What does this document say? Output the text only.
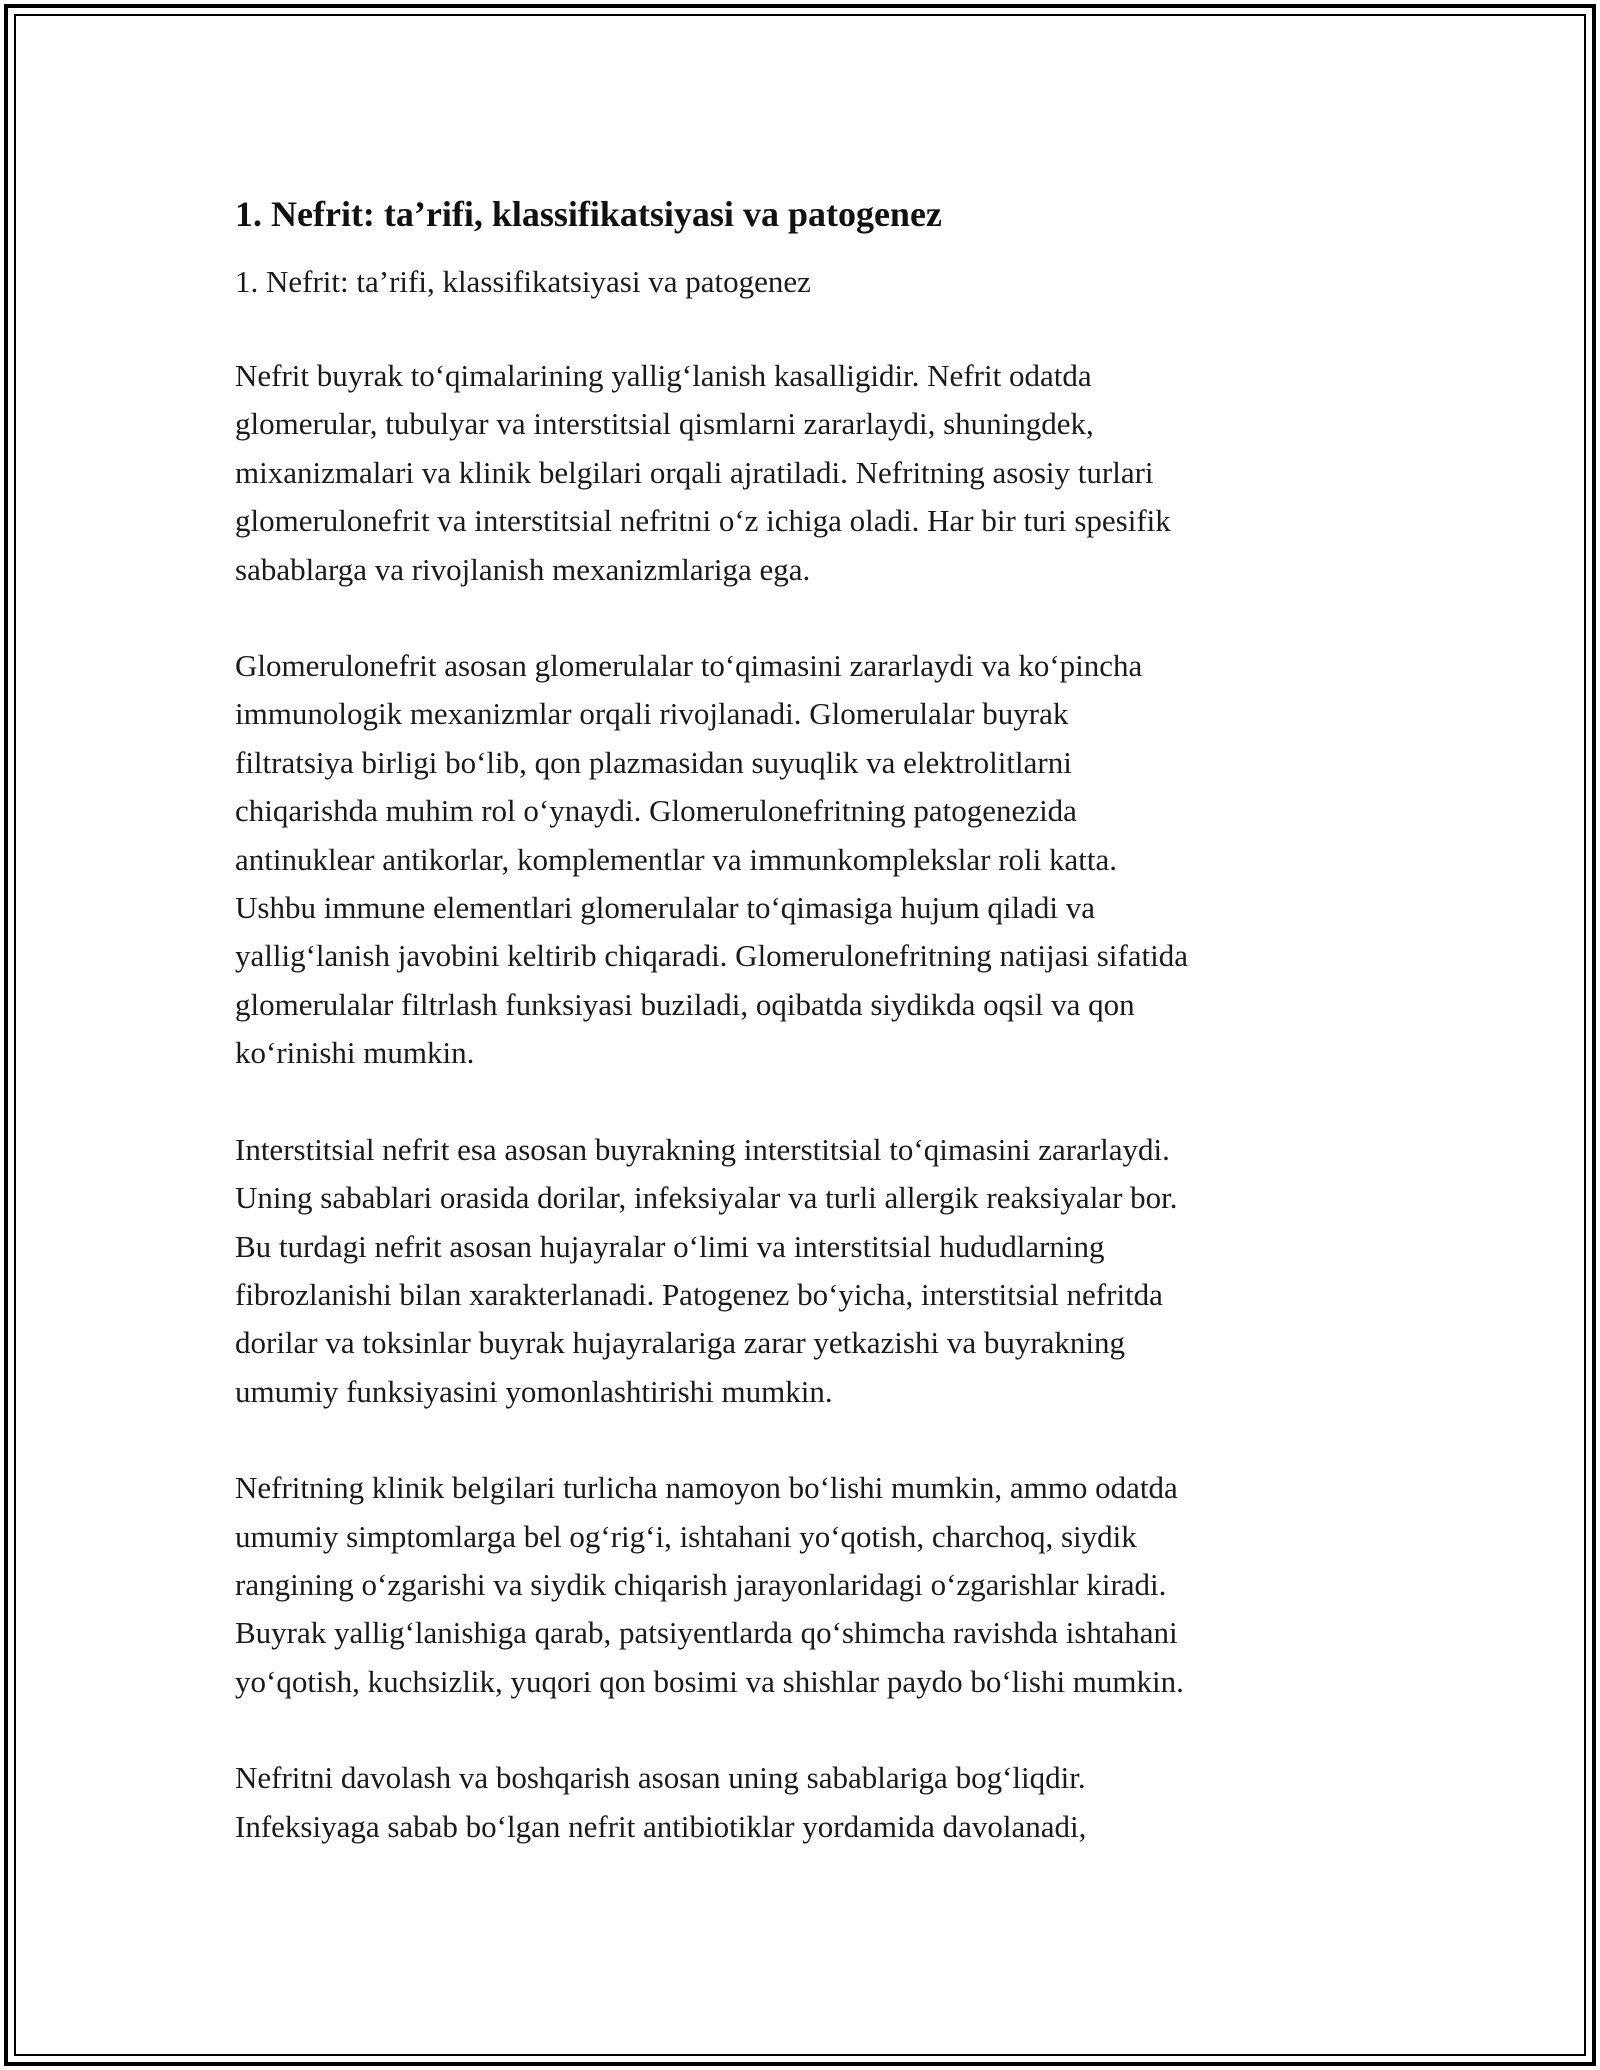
1. Nefrit: ta’rifi, klassifikatsiyasi va patogenez

1. Nefrit: ta’rifi, klassifikatsiyasi va patogenez

Nefrit buyrak to‘qimalarining yallig‘lanish kasalligidir. Nefrit odatda
glomerular, tubulyar va interstitsial qismlarni zararlaydi, shuningdek,
mixanizmalari va klinik belgilari orqali ajratiladi. Nefritning asosiy turlari
glomerulonefrit va interstitsial nefritni o‘z ichiga oladi. Har bir turi spesifik
sabablarga va rivojlanish mexanizmlariga ega.

Glomerulonefrit asosan glomerulalar to‘qimasini zararlaydi va ko‘pincha
immunologik mexanizmlar orqali rivojlanadi. Glomerulalar buyrak
filtratsiya birligi bo‘lib, qon plazmasidan suyuqlik va elektrolitlarni
chiqarishda muhim rol o‘ynaydi. Glomerulonefritning patogenezida
antinuklear antikorlar, komplementlar va immunkomplekslar roli katta.
Ushbu immune elementlari glomerulalar to‘qimasiga hujum qiladi va
yallig‘lanish javobini keltirib chiqaradi. Glomerulonefritning natijasi sifatida
glomerulalar filtrlash funksiyasi buziladi, oqibatda siydikda oqsil va qon
ko‘rinishi mumkin.

Interstitsial nefrit esa asosan buyrakning interstitsial to‘qimasini zararlaydi.
Uning sabablari orasida dorilar, infeksiyalar va turli allergik reaksiyalar bor.
Bu turdagi nefrit asosan hujayralar o‘limi va interstitsial hududlarning
fibrozlanishi bilan xarakterlanadi. Patogenez bo‘yicha, interstitsial nefritda
dorilar va toksinlar buyrak hujayralariga zarar yetkazishi va buyrakning
umumiy funksiyasini yomonlashtirishi mumkin.

Nefritning klinik belgilari turlicha namoyon bo‘lishi mumkin, ammo odatda
umumiy simptomlarga bel og‘rig‘i, ishtahani yo‘qotish, charchoq, siydik
rangining o‘zgarishi va siydik chiqarish jarayonlaridagi o‘zgarishlar kiradi.
Buyrak yallig‘lanishiga qarab, patsiyentlarda qo‘shimcha ravishda ishtahani
yo‘qotish, kuchsizlik, yuqori qon bosimi va shishlar paydo bo‘lishi mumkin.

Nefritni davolash va boshqarish asosan uning sabablariga bog‘liqdir.
Infeksiyaga sabab bo‘lgan nefrit antibiotiklar yordamida davolanadi,
